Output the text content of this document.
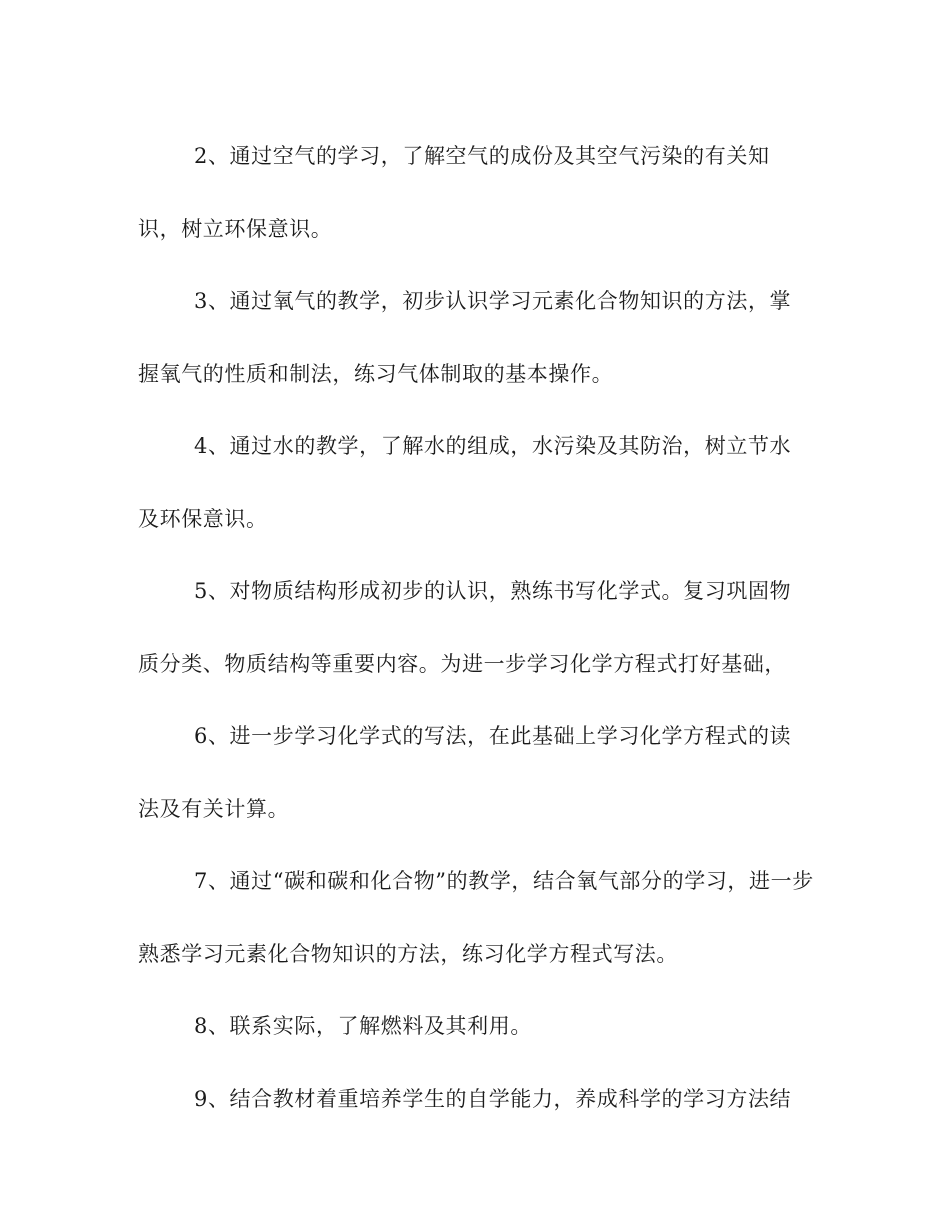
2、通过空气的学习，了解空气的成份及其空气污染的有关知
识，树立环保意识。
3、通过氧气的教学，初步认识学习元素化合物知识的方法，掌
握氧气的性质和制法，练习气体制取的基本操作。
4、通过水的教学，了解水的组成，水污染及其防治，树立节水
及环保意识。
5、对物质结构形成初步的认识，熟练书写化学式。复习巩固物
质分类、物质结构等重要内容。为进一步学习化学方程式打好基础，
6、进一步学习化学式的写法，在此基础上学习化学方程式的读
法及有关计算。
7、通过“碳和碳和化合物”的教学，结合氧气部分的学习，进一步
熟悉学习元素化合物知识的方法，练习化学方程式写法。
8、联系实际，了解燃料及其利用。
9、结合教材着重培养学生的自学能力，养成科学的学习方法结
